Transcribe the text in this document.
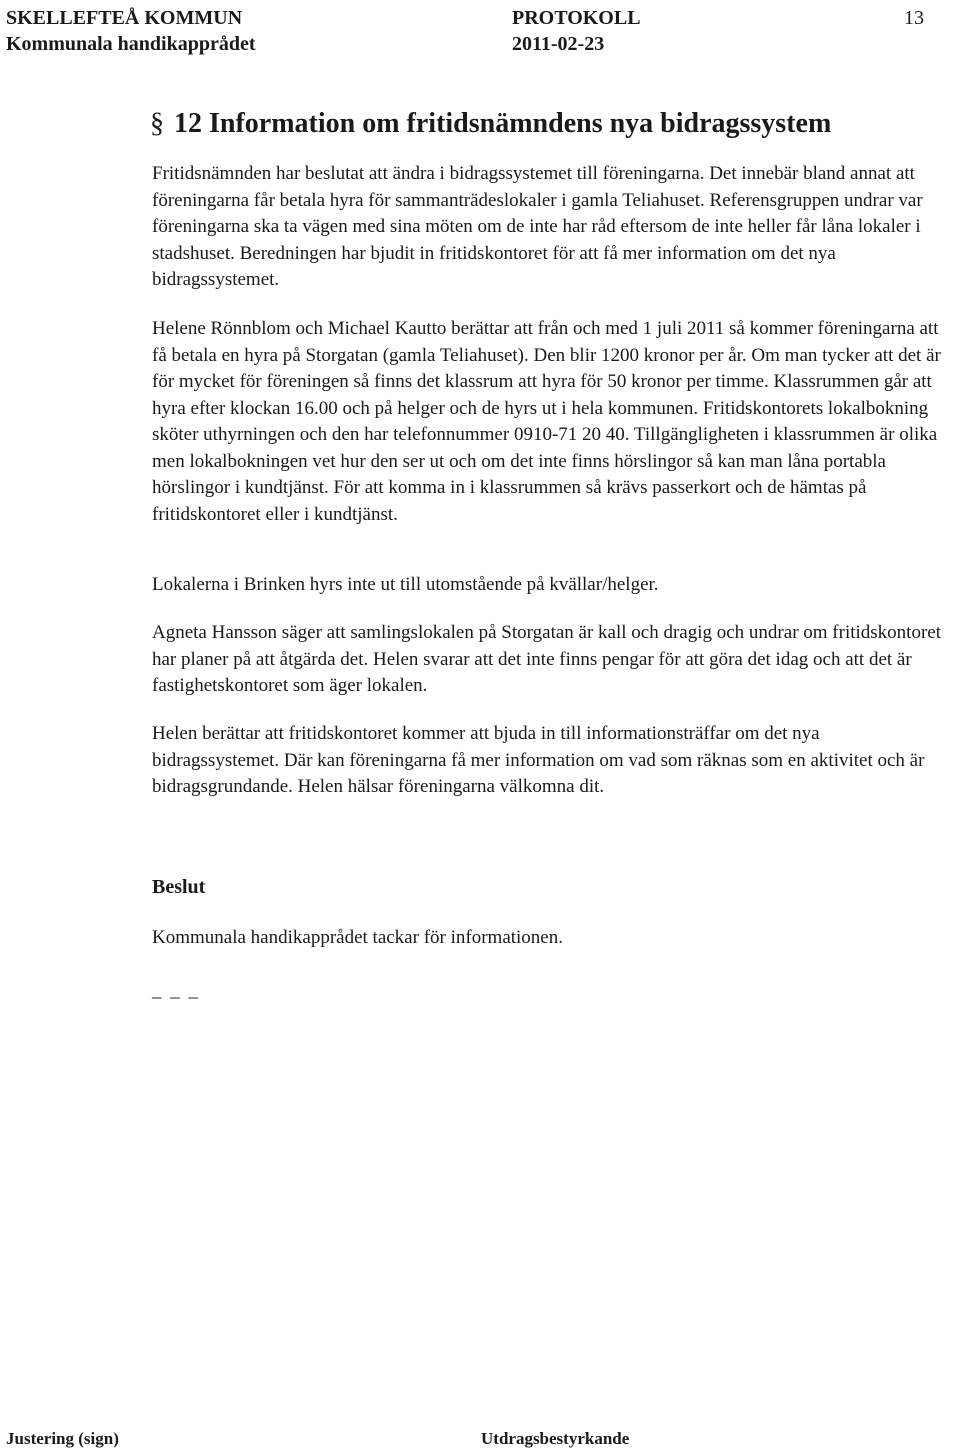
SKELLEFTEÅ KOMMUN
Kommunala handikapprådet
PROTOKOLL
2011-02-23
13
§ 12 Information om fritidsnämndens nya bidragssystem
Fritidsnämnden har beslutat att ändra i bidragssystemet till föreningarna. Det innebär bland annat att föreningarna får betala hyra för sammanträdeslokaler i gamla Teliahuset. Referensgruppen undrar var föreningarna ska ta vägen med sina möten om de inte har råd eftersom de inte heller får låna lokaler i stadshuset. Beredningen har bjudit in fritidskontoret för att få mer information om det nya bidragssystemet.
Helene Rönnblom och Michael Kautto berättar att från och med 1 juli 2011 så kommer föreningarna att få betala en hyra på Storgatan (gamla Teliahuset). Den blir 1200 kronor per år. Om man tycker att det är för mycket för föreningen så finns det klassrum att hyra för 50 kronor per timme. Klassrummen går att hyra efter klockan 16.00 och på helger och de hyrs ut i hela kommunen. Fritidskontorets lokalbokning sköter uthyrningen och den har telefonnummer 0910-71 20 40. Tillgängligheten i klassrummen är olika men lokalbokningen vet hur den ser ut och om det inte finns hörslingor så kan man låna portabla hörslingor i kundtjänst. För att komma in i klassrummen så krävs passerkort och de hämtas på fritidskontoret eller i kundtjänst.
Lokalerna i Brinken hyrs inte ut till utomstående på kvällar/helger.
Agneta Hansson säger att samlingslokalen på Storgatan är kall och dragig och undrar om fritidskontoret har planer på att åtgärda det. Helen svarar att det inte finns pengar för att göra det idag och att det är fastighetskontoret som äger lokalen.
Helen berättar att fritidskontoret kommer att bjuda in till informationsträffar om det nya bidragssystemet. Där kan föreningarna få mer information om vad som räknas som en aktivitet och är bidragsgrundande. Helen hälsar föreningarna välkomna dit.
Beslut
Kommunala handikapprådet tackar för informationen.
_ _ _
Justering (sign)	Utdragsbestyrkande
